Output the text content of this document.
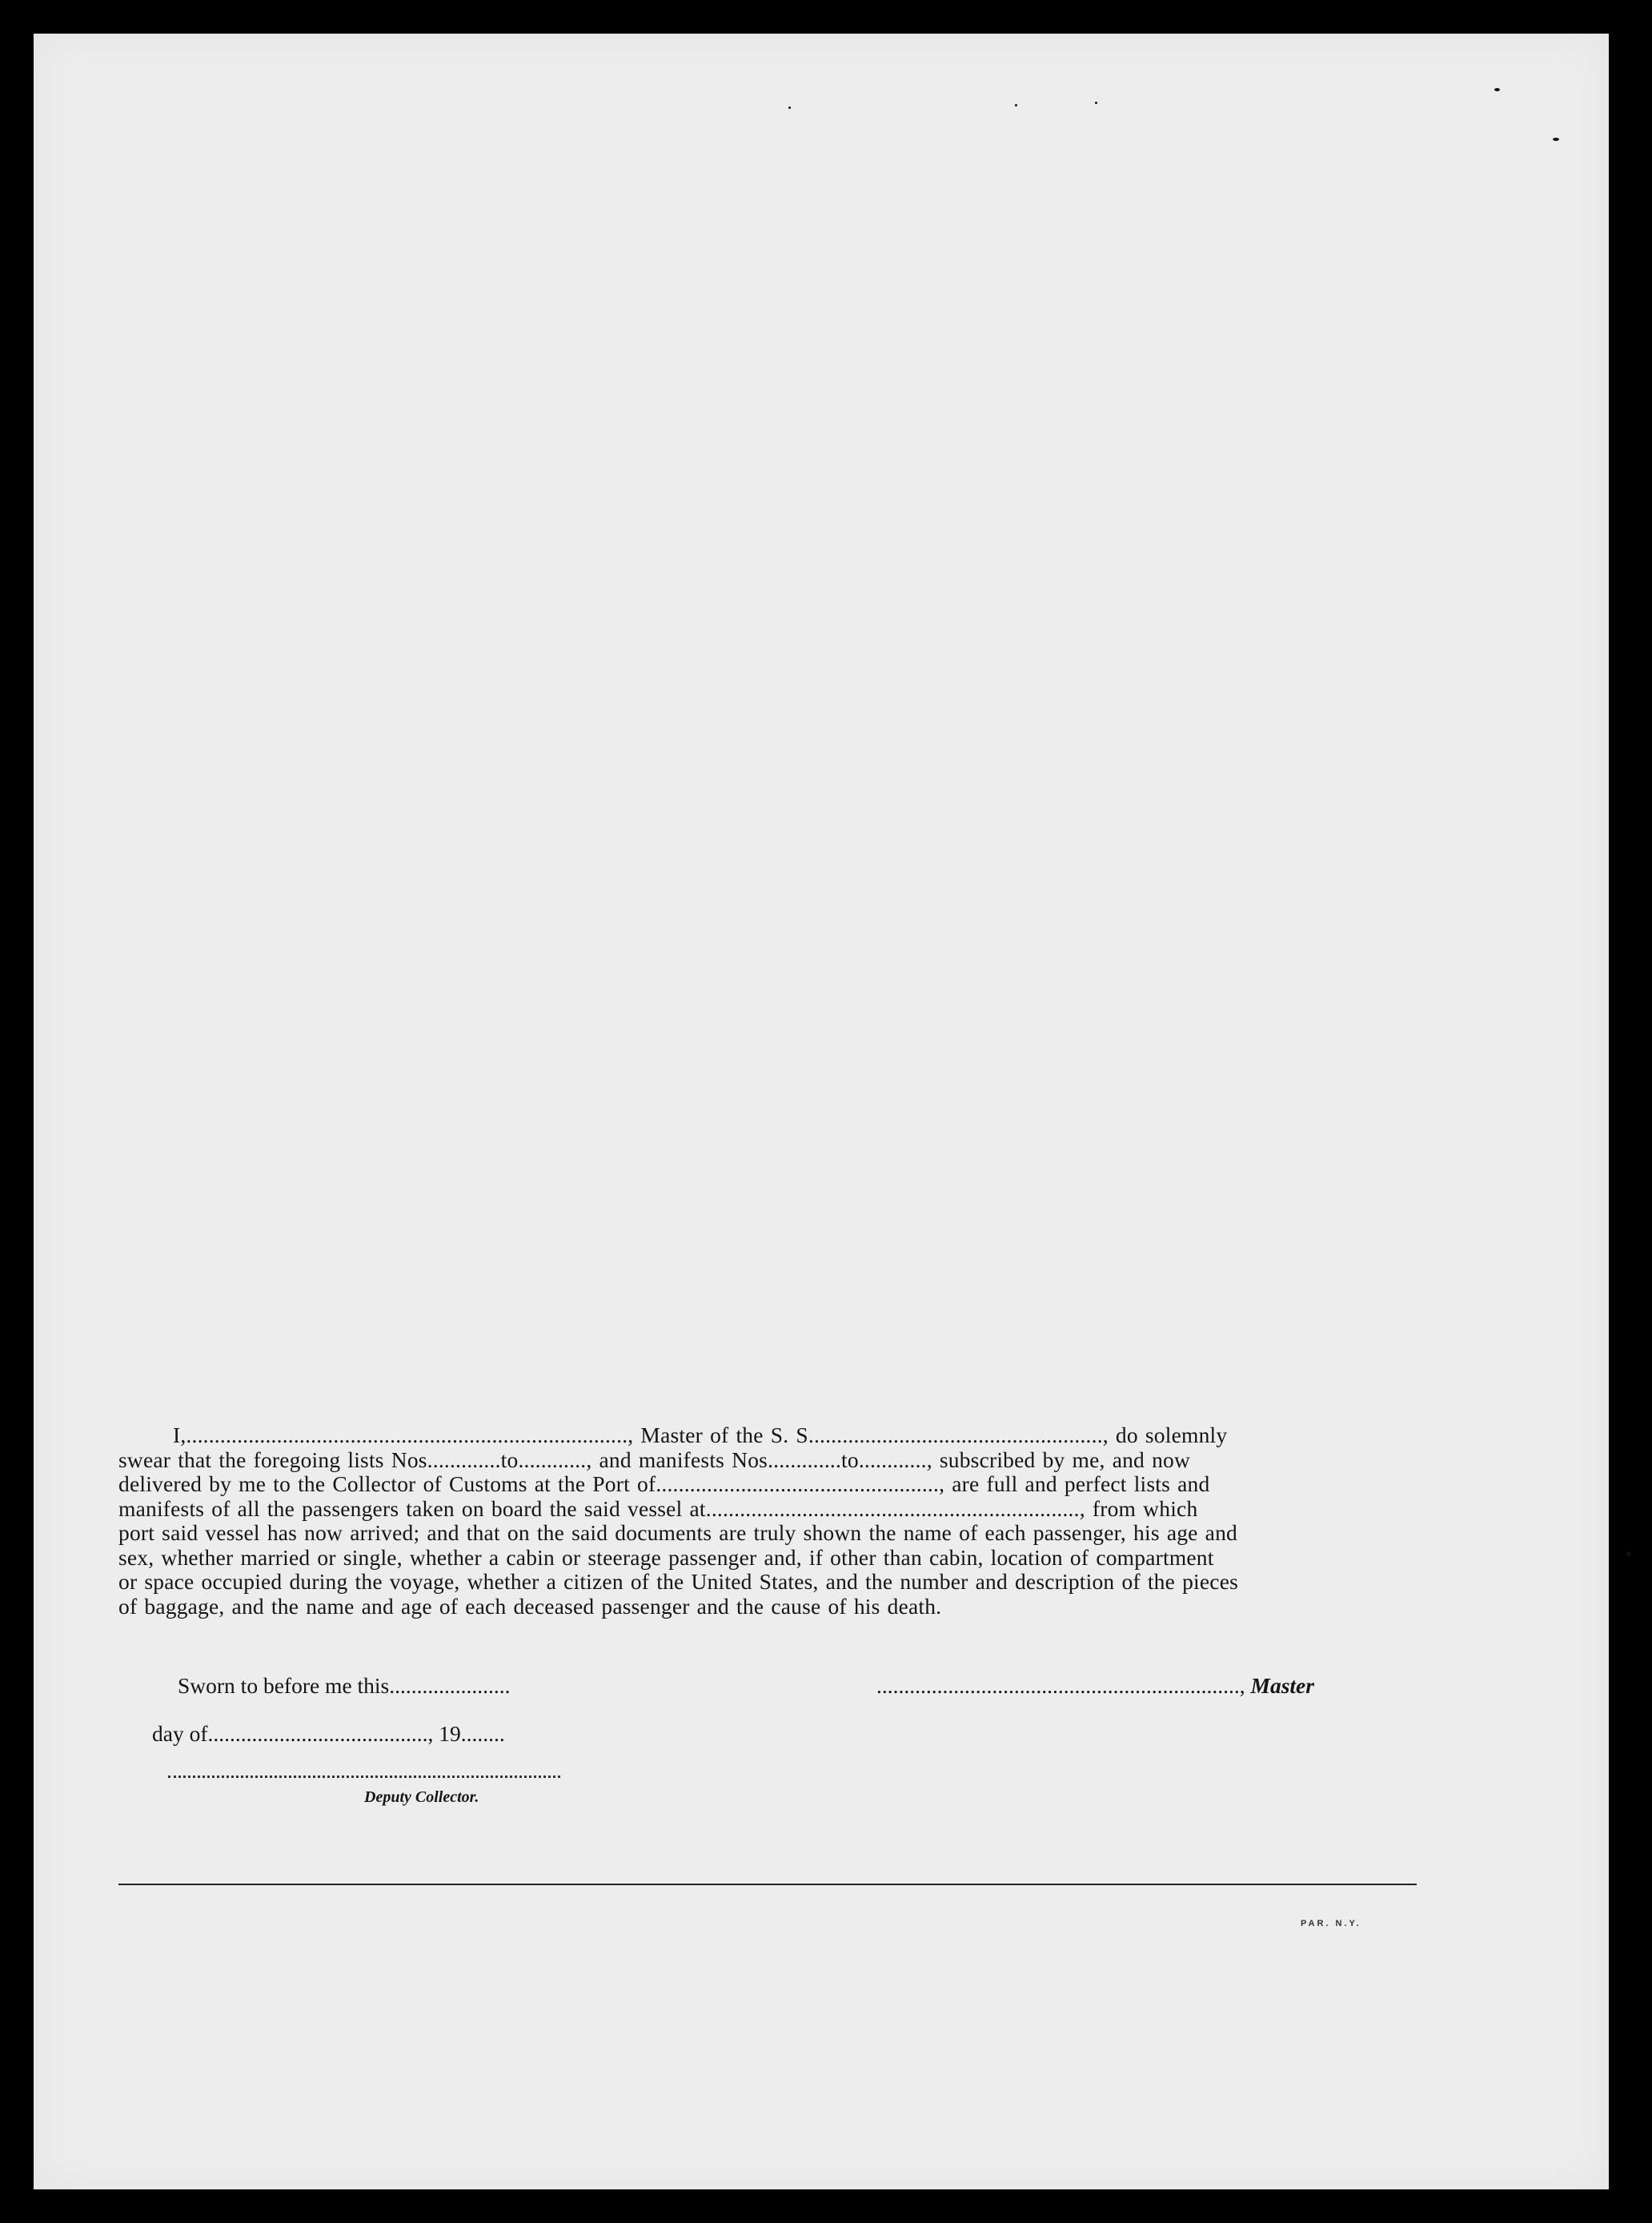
I,.............................................................................., Master of the S. S...................................................., do solemnly
swear that the foregoing lists Nos.............to............, and manifests Nos.............to............, subscribed by me, and now
delivered by me to the Collector of Customs at the Port of.................................................., are full and perfect lists and
manifests of all the passengers taken on board the said vessel at.................................................................., from which
port said vessel has now arrived; and that on the said documents are truly shown the name of each passenger, his age and
sex, whether married or single, whether a cabin or steerage passenger and, if other than cabin, location of compartment
or space occupied during the voyage, whether a citizen of the United States, and the number and description of the pieces
of baggage, and the name and age of each deceased passenger and the cause of his death.
Sworn to before me this......................	.................................................................., Master
day of........................................, 19........
Deputy Collector.
PAR. N.Y.
